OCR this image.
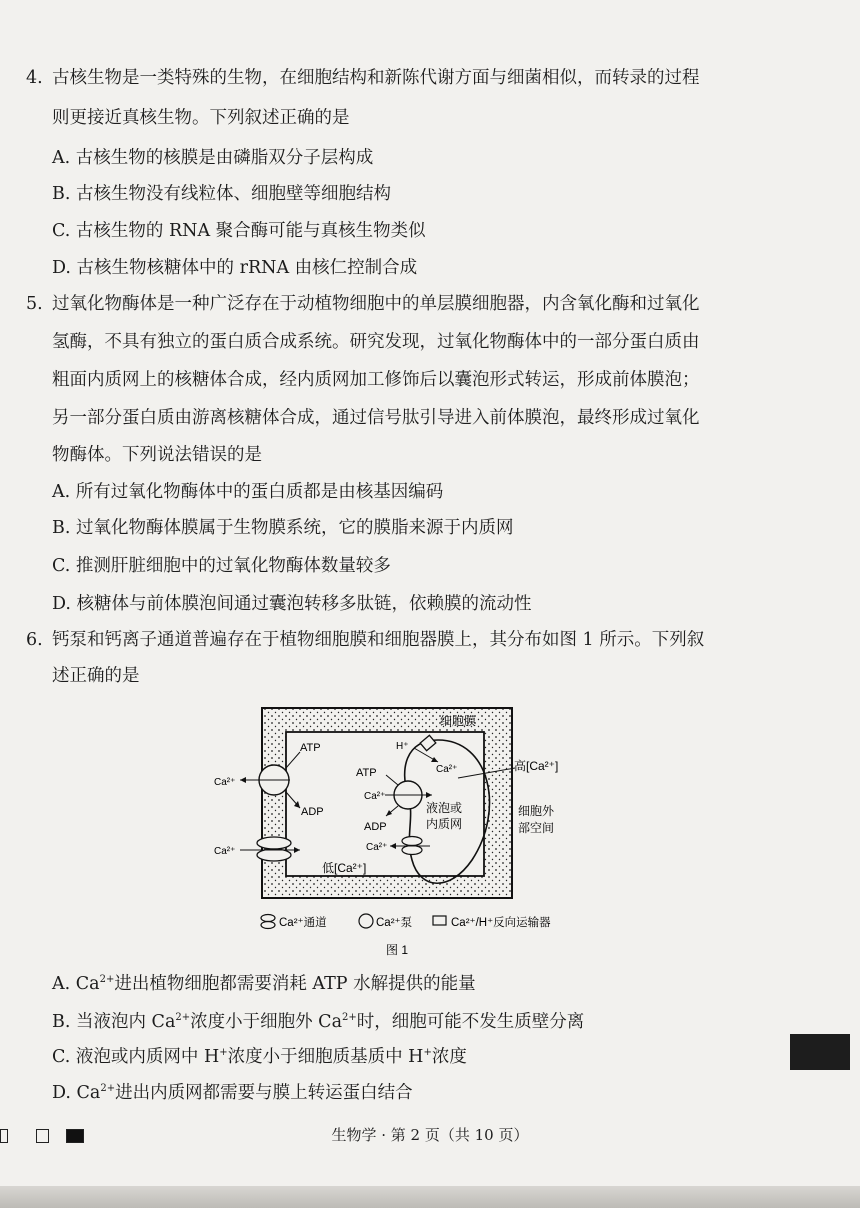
4. 古核生物是一类特殊的生物，在细胞结构和新陈代谢方面与细菌相似，而转录的过程
则更接近真核生物。下列叙述正确的是
A. 古核生物的核膜是由磷脂双分子层构成
B. 古核生物没有线粒体、细胞壁等细胞结构
C. 古核生物的 RNA 聚合酶可能与真核生物类似
D. 古核生物核糖体中的 rRNA 由核仁控制合成
5. 过氧化物酶体是一种广泛存在于动植物细胞中的单层膜细胞器，内含氧化酶和过氧化
氢酶，不具有独立的蛋白质合成系统。研究发现，过氧化物酶体中的一部分蛋白质由
粗面内质网上的核糖体合成，经内质网加工修饰后以囊泡形式转运，形成前体膜泡；
另一部分蛋白质由游离核糖体合成，通过信号肽引导进入前体膜泡，最终形成过氧化
物酶体。下列说法错误的是
A. 所有过氧化物酶体中的蛋白质都是由核基因编码
B. 过氧化物酶体膜属于生物膜系统，它的膜脂来源于内质网
C. 推测肝脏细胞中的过氧化物酶体数量较多
D. 核糖体与前体膜泡间通过囊泡转移多肽链，依赖膜的流动性
6. 钙泵和钙离子通道普遍存在于植物细胞膜和细胞器膜上，其分布如图 1 所示。下列叙
述正确的是
细胞膜
ATP
ADP
Ca²⁺
Ca²⁺
H⁺
Ca²⁺
ATP
Ca²⁺
ADP
Ca²⁺
液泡或
内质网
高[Ca²⁺]
细胞外
部空间
低[Ca²⁺]
Ca²⁺通道	Ca²⁺泵	Ca²⁺/H⁺反向运输器
图 1
A. $Ca^{2+}$进出植物细胞都需要消耗 ATP 水解提供的能量
B. 当液泡内 $Ca^{2+}$浓度小于细胞外 $Ca^{2+}$时，细胞可能不发生质壁分离
C. 液泡或内质网中 H+浓度小于细胞质基质中 H+浓度
D. $Ca^{2+}$进出内质网都需要与膜上转运蛋白结合
生物学 · 第 2 页（共 10 页）
